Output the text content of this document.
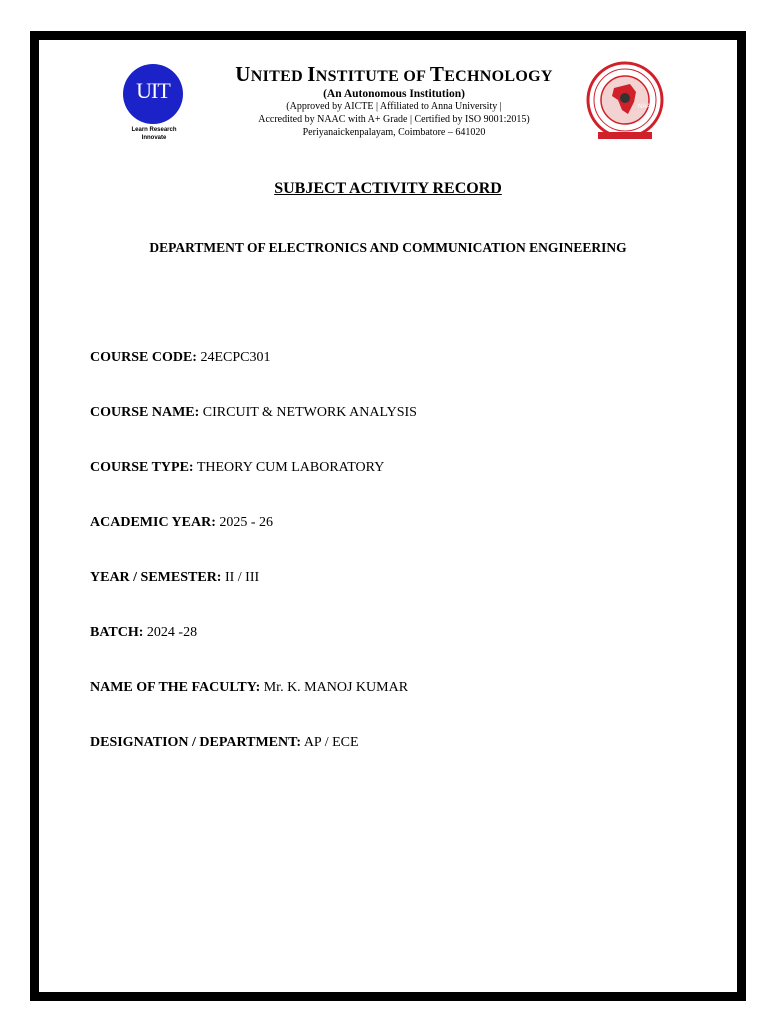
UIT
Learn Research
Innovate
UNITED INSTITUTE OF TECHNOLOGY
(An Autonomous Institution)
(Approved by AICTE | Affiliated to Anna University |
Accredited by NAAC with A+ Grade | Certified by ISO 9001:2015)
Periyanaickenpalayam, Coimbatore – 641020
NAAC
SUBJECT ACTIVITY RECORD
DEPARTMENT OF ELECTRONICS AND COMMUNICATION ENGINEERING
COURSE CODE: 24ECPC301
COURSE NAME: CIRCUIT & NETWORK ANALYSIS
COURSE TYPE: THEORY CUM LABORATORY
ACADEMIC YEAR: 2025 - 26
YEAR / SEMESTER: II / III
BATCH: 2024 -28
NAME OF THE FACULTY: Mr. K. MANOJ KUMAR
DESIGNATION / DEPARTMENT: AP / ECE
